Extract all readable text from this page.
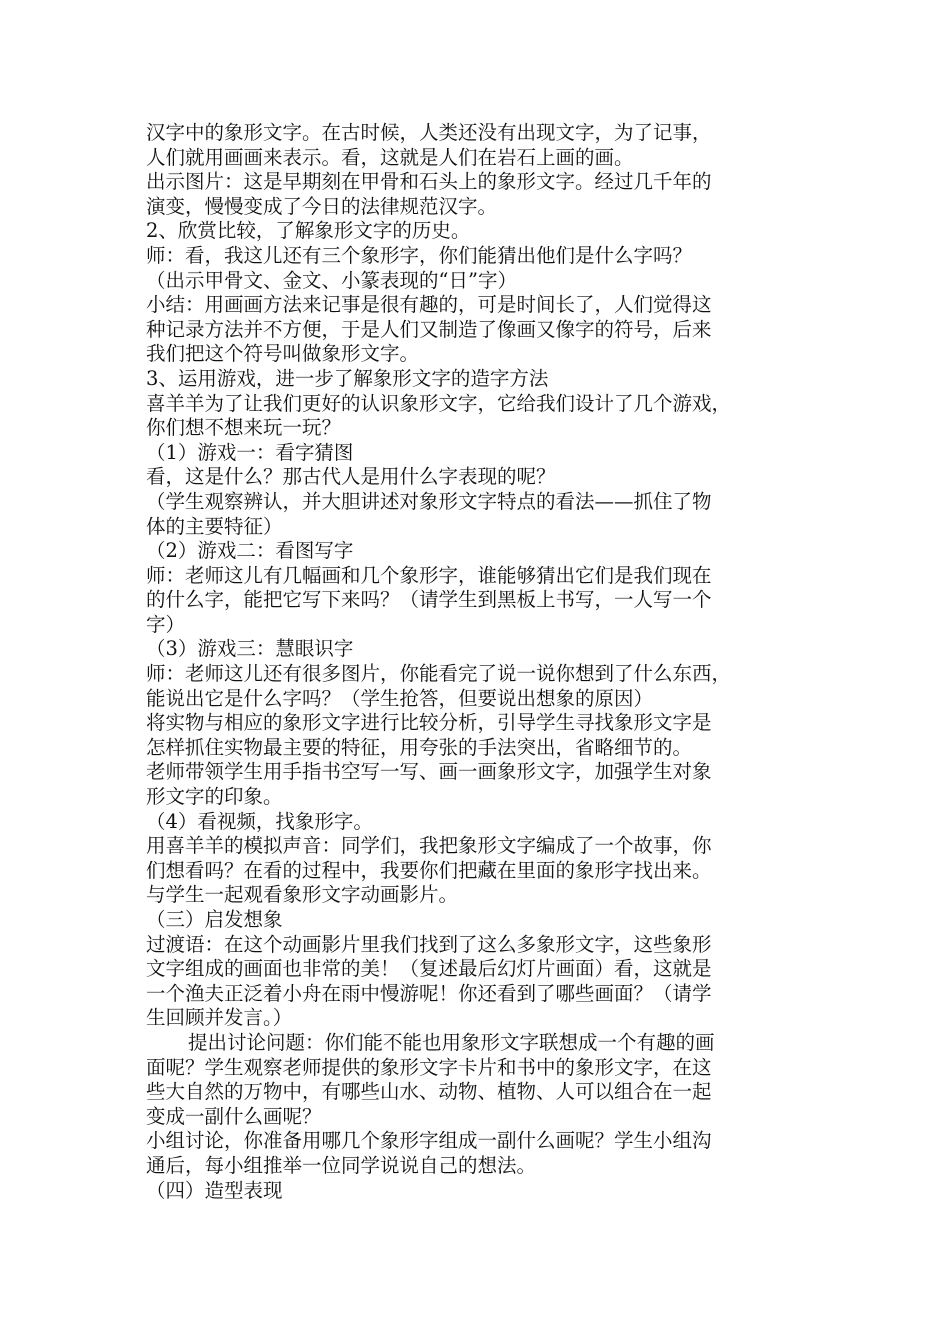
汉字中的象形文字。在古时候，人类还没有出现文字，为了记事，
人们就用画画来表示。看，这就是人们在岩石上画的画。
出示图片：这是早期刻在甲骨和石头上的象形文字。经过几千年的
演变，慢慢变成了今日的法律规范汉字。
2、欣赏比较，了解象形文字的历史。
师：看，我这儿还有三个象形字，你们能猜出他们是什么字吗？
（出示甲骨文、金文、小篆表现的“日”字）
小结：用画画方法来记事是很有趣的，可是时间长了，人们觉得这
种记录方法并不方便，于是人们又制造了像画又像字的符号，后来
我们把这个符号叫做象形文字。
3、运用游戏，进一步了解象形文字的造字方法
喜羊羊为了让我们更好的认识象形文字，它给我们设计了几个游戏，
你们想不想来玩一玩？
（1）游戏一：看字猜图
看，这是什么？那古代人是用什么字表现的呢？
（学生观察辨认，并大胆讲述对象形文字特点的看法——抓住了物
体的主要特征）
（2）游戏二：看图写字
师：老师这儿有几幅画和几个象形字，谁能够猜出它们是我们现在
的什么字，能把它写下来吗？（请学生到黑板上书写，一人写一个
字）
（3）游戏三：慧眼识字
师：老师这儿还有很多图片，你能看完了说一说你想到了什么东西，
能说出它是什么字吗？（学生抢答，但要说出想象的原因）
将实物与相应的象形文字进行比较分析，引导学生寻找象形文字是
怎样抓住实物最主要的特征，用夸张的手法突出，省略细节的。
老师带领学生用手指书空写一写、画一画象形文字，加强学生对象
形文字的印象。
（4）看视频，找象形字。
用喜羊羊的模拟声音：同学们，我把象形文字编成了一个故事，你
们想看吗？在看的过程中，我要你们把藏在里面的象形字找出来。
与学生一起观看象形文字动画影片。
（三）启发想象
过渡语：在这个动画影片里我们找到了这么多象形文字，这些象形
文字组成的画面也非常的美！（复述最后幻灯片画面）看，这就是
一个渔夫正泛着小舟在雨中慢游呢！你还看到了哪些画面？（请学
生回顾并发言。）
提出讨论问题：你们能不能也用象形文字联想成一个有趣的画
面呢？学生观察老师提供的象形文字卡片和书中的象形文字，在这
些大自然的万物中，有哪些山水、动物、植物、人可以组合在一起
变成一副什么画呢？
小组讨论，你准备用哪几个象形字组成一副什么画呢？学生小组沟
通后，每小组推举一位同学说说自己的想法。
（四）造型表现
